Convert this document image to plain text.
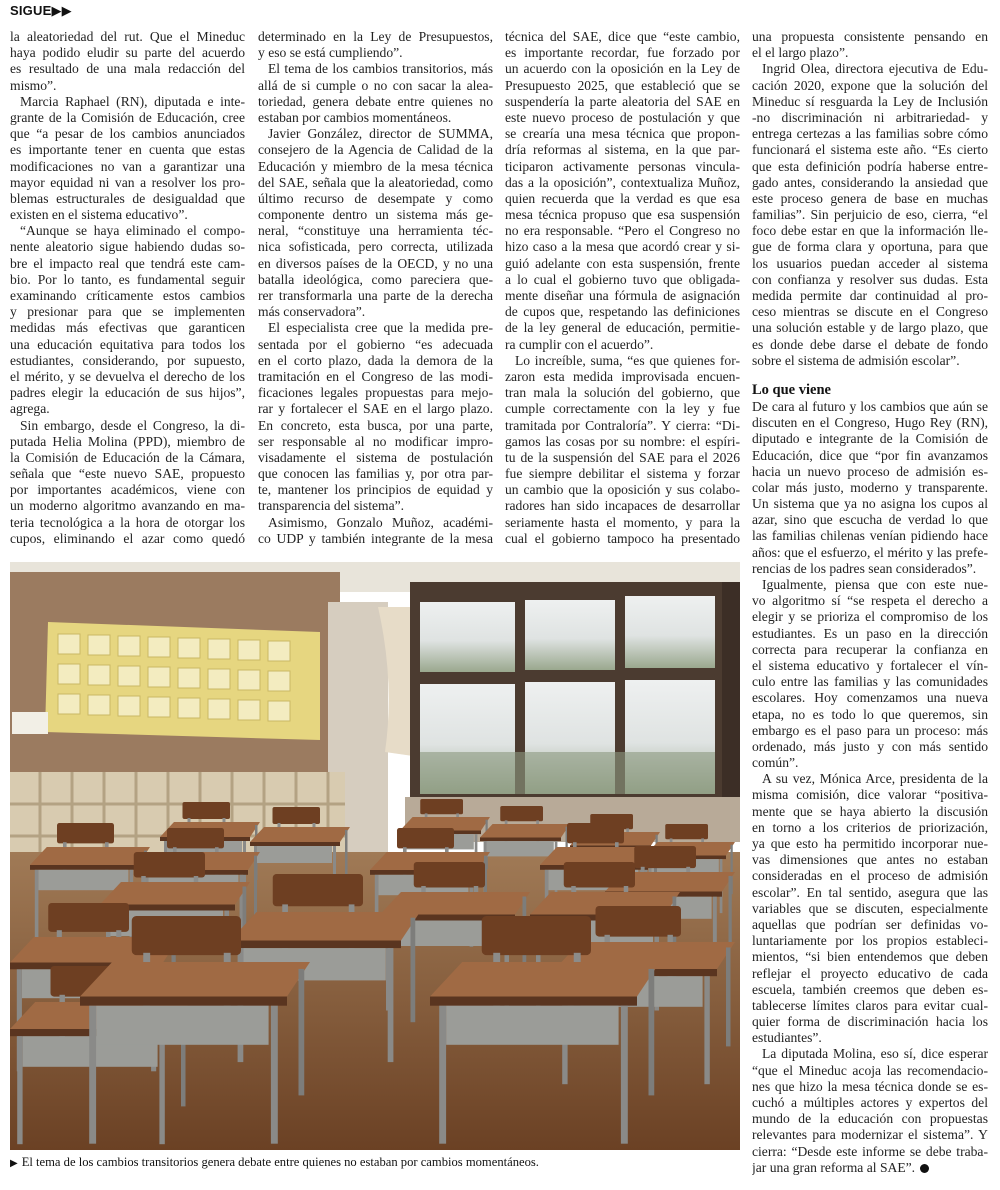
SIGUE▶▶
la aleatoriedad del rut. Que el Mineduc
haya podido eludir su parte del acuerdo
es resultado de una mala redacción del
mismo”.
Marcia Raphael (RN), diputada e inte-
grante de la Comisión de Educación, cree
que “a pesar de los cambios anunciados
es importante tener en cuenta que estas
modificaciones no van a garantizar una
mayor equidad ni van a resolver los pro-
blemas estructurales de desigualdad que
existen en el sistema educativo”.
“Aunque se haya eliminado el compo-
nente aleatorio sigue habiendo dudas so-
bre el impacto real que tendrá este cam-
bio. Por lo tanto, es fundamental seguir
examinando críticamente estos cambios
y presionar para que se implementen
medidas más efectivas que garanticen
una educación equitativa para todos los
estudiantes, considerando, por supuesto,
el mérito, y se devuelva el derecho de los
padres elegir la educación de sus hijos”,
agrega.
Sin embargo, desde el Congreso, la di-
putada Helia Molina (PPD), miembro de
la Comisión de Educación de la Cámara,
señala que “este nuevo SAE, propuesto
por importantes académicos, viene con
un moderno algoritmo avanzando en ma-
teria tecnológica a la hora de otorgar los
cupos, eliminando el azar como quedó
determinado en la Ley de Presupuestos,
y eso se está cumpliendo”.
El tema de los cambios transitorios, más
allá de si cumple o no con sacar la alea-
toriedad, genera debate entre quienes no
estaban por cambios momentáneos.
Javier González, director de SUMMA,
consejero de la Agencia de Calidad de la
Educación y miembro de la mesa técnica
del SAE, señala que la aleatoriedad, como
último recurso de desempate y como
componente dentro un sistema más ge-
neral, “constituye una herramienta téc-
nica sofisticada, pero correcta, utilizada
en diversos países de la OECD, y no una
batalla ideológica, como pareciera que-
rer transformarla una parte de la derecha
más conservadora”.
El especialista cree que la medida pre-
sentada por el gobierno “es adecuada
en el corto plazo, dada la demora de la
tramitación en el Congreso de las modi-
ficaciones legales propuestas para mejo-
rar y fortalecer el SAE en el largo plazo.
En concreto, esta busca, por una parte,
ser responsable al no modificar impro-
visadamente el sistema de postulación
que conocen las familias y, por otra par-
te, mantener los principios de equidad y
transparencia del sistema”.
Asimismo, Gonzalo Muñoz, académi-
co UDP y también integrante de la mesa
técnica del SAE, dice que “este cambio,
es importante recordar, fue forzado por
un acuerdo con la oposición en la Ley de
Presupuesto 2025, que estableció que se
suspendería la parte aleatoria del SAE en
este nuevo proceso de postulación y que
se crearía una mesa técnica que propon-
dría reformas al sistema, en la que par-
ticiparon activamente personas vincula-
das a la oposición”, contextualiza Muñoz,
quien recuerda que la verdad es que esa
mesa técnica propuso que esa suspensión
no era responsable. “Pero el Congreso no
hizo caso a la mesa que acordó crear y si-
guió adelante con esta suspensión, frente
a lo cual el gobierno tuvo que obligada-
mente diseñar una fórmula de asignación
de cupos que, respetando las definiciones
de la ley general de educación, permitie-
ra cumplir con el acuerdo”.
Lo increíble, suma, “es que quienes for-
zaron esta medida improvisada encuen-
tran mala la solución del gobierno, que
cumple correctamente con la ley y fue
tramitada por Contraloría”. Y cierra: “Di-
gamos las cosas por su nombre: el espíri-
tu de la suspensión del SAE para el 2026
fue siempre debilitar el sistema y forzar
un cambio que la oposición y sus colabo-
radores han sido incapaces de desarrollar
seriamente hasta el momento, y para la
cual el gobierno tampoco ha presentado
una propuesta consistente pensando en
el el largo plazo”.
Ingrid Olea, directora ejecutiva de Edu-
cación 2020, expone que la solución del
Mineduc sí resguarda la Ley de Inclusión
-no discriminación ni arbitrariedad- y
entrega certezas a las familias sobre cómo
funcionará el sistema este año. “Es cierto
que esta definición podría haberse entre-
gado antes, considerando la ansiedad que
este proceso genera de base en muchas
familias”. Sin perjuicio de eso, cierra, “el
foco debe estar en que la información lle-
gue de forma clara y oportuna, para que
los usuarios puedan acceder al sistema
con confianza y resolver sus dudas. Esta
medida permite dar continuidad al pro-
ceso mientras se discute en el Congreso
una solución estable y de largo plazo, que
es donde debe darse el debate de fondo
sobre el sistema de admisión escolar”.
Lo que viene
De cara al futuro y los cambios que aún se
discuten en el Congreso, Hugo Rey (RN),
diputado e integrante de la Comisión de
Educación, dice que “por fin avanzamos
hacia un nuevo proceso de admisión es-
colar más justo, moderno y transparente.
Un sistema que ya no asigna los cupos al
azar, sino que escucha de verdad lo que
las familias chilenas venían pidiendo hace
años: que el esfuerzo, el mérito y las prefe-
rencias de los padres sean considerados”.
Igualmente, piensa que con este nue-
vo algoritmo sí “se respeta el derecho a
elegir y se prioriza el compromiso de los
estudiantes. Es un paso en la dirección
correcta para recuperar la confianza en
el sistema educativo y fortalecer el vín-
culo entre las familias y las comunidades
escolares. Hoy comenzamos una nueva
etapa, no es todo lo que queremos, sin
embargo es el paso para un proceso: más
ordenado, más justo y con más sentido
común”.
A su vez, Mónica Arce, presidenta de la
misma comisión, dice valorar “positiva-
mente que se haya abierto la discusión
en torno a los criterios de priorización,
ya que esto ha permitido incorporar nue-
vas dimensiones que antes no estaban
consideradas en el proceso de admisión
escolar”. En tal sentido, asegura que las
variables que se discuten, especialmente
aquellas que podrían ser definidas vo-
luntariamente por los propios estableci-
mientos, “si bien entendemos que deben
reflejar el proyecto educativo de cada
escuela, también creemos que deben es-
tablecerse límites claros para evitar cual-
quier forma de discriminación hacia los
estudiantes”.
La diputada Molina, eso sí, dice esperar
“que el Mineduc acoja las recomendacio-
nes que hizo la mesa técnica donde se es-
cuchó a múltiples actores y expertos del
mundo de la educación con propuestas
relevantes para modernizar el sistema”. Y
cierra: “Desde este informe se debe traba-
jar una gran reforma al SAE”.
▶ El tema de los cambios transitorios genera debate entre quienes no estaban por cambios momentáneos.
